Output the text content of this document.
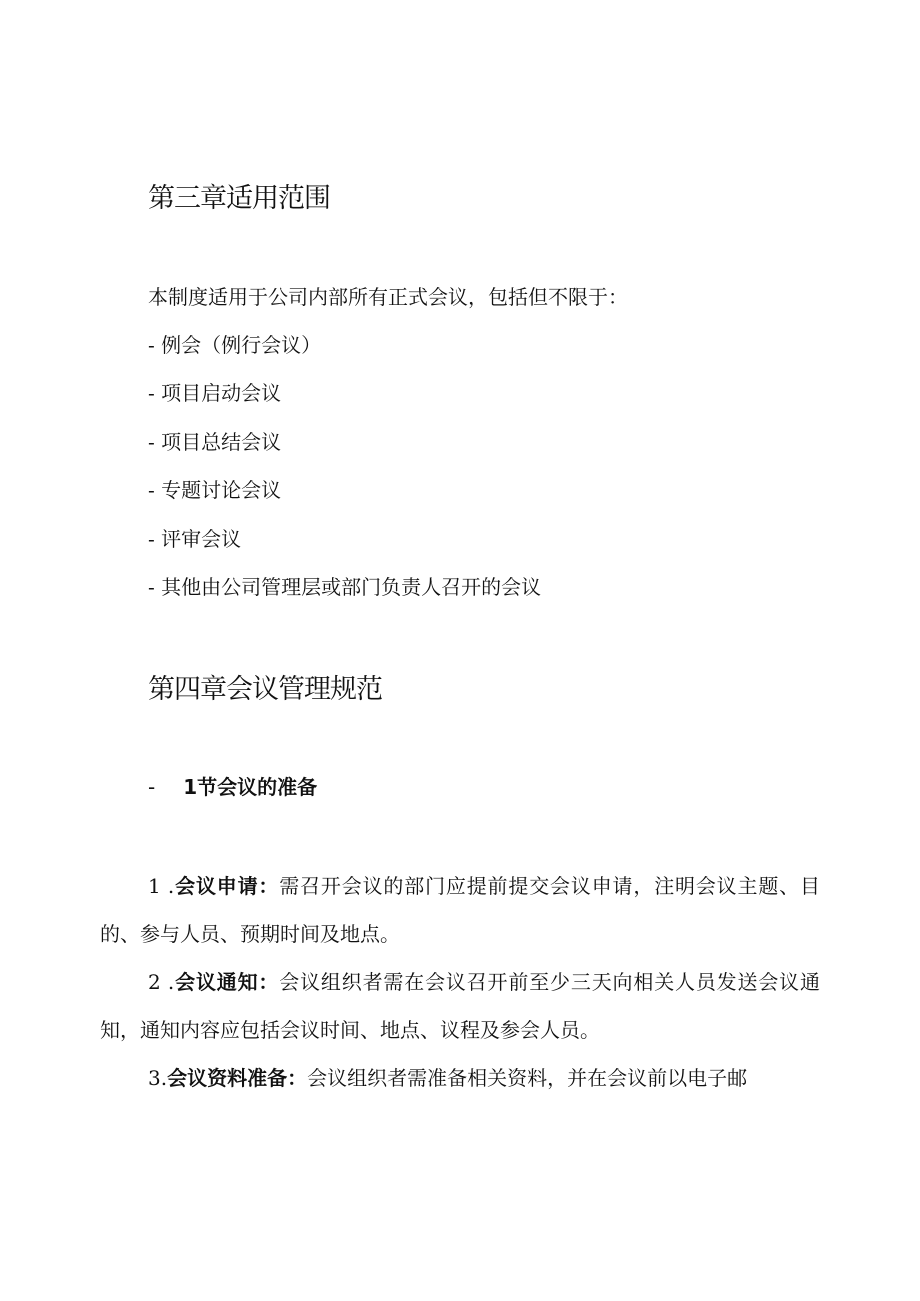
第三章适用范围

本制度适用于公司内部所有正式会议，包括但不限于：

- 例会（例行会议）

- 项目启动会议

- 项目总结会议

- 专题讨论会议

- 评审会议

- 其他由公司管理层或部门负责人召开的会议

第四章会议管理规范
- 1节会议的准备

1 .会议申请：需召开会议的部门应提前提交会议申请，注明会议主题、目的、参与人员、预期时间及地点。

2 .会议通知：会议组织者需在会议召开前至少三天向相关人员发送会议通知，通知内容应包括会议时间、地点、议程及参会人员。

3.会议资料准备：会议组织者需准备相关资料，并在会议前以电子邮
